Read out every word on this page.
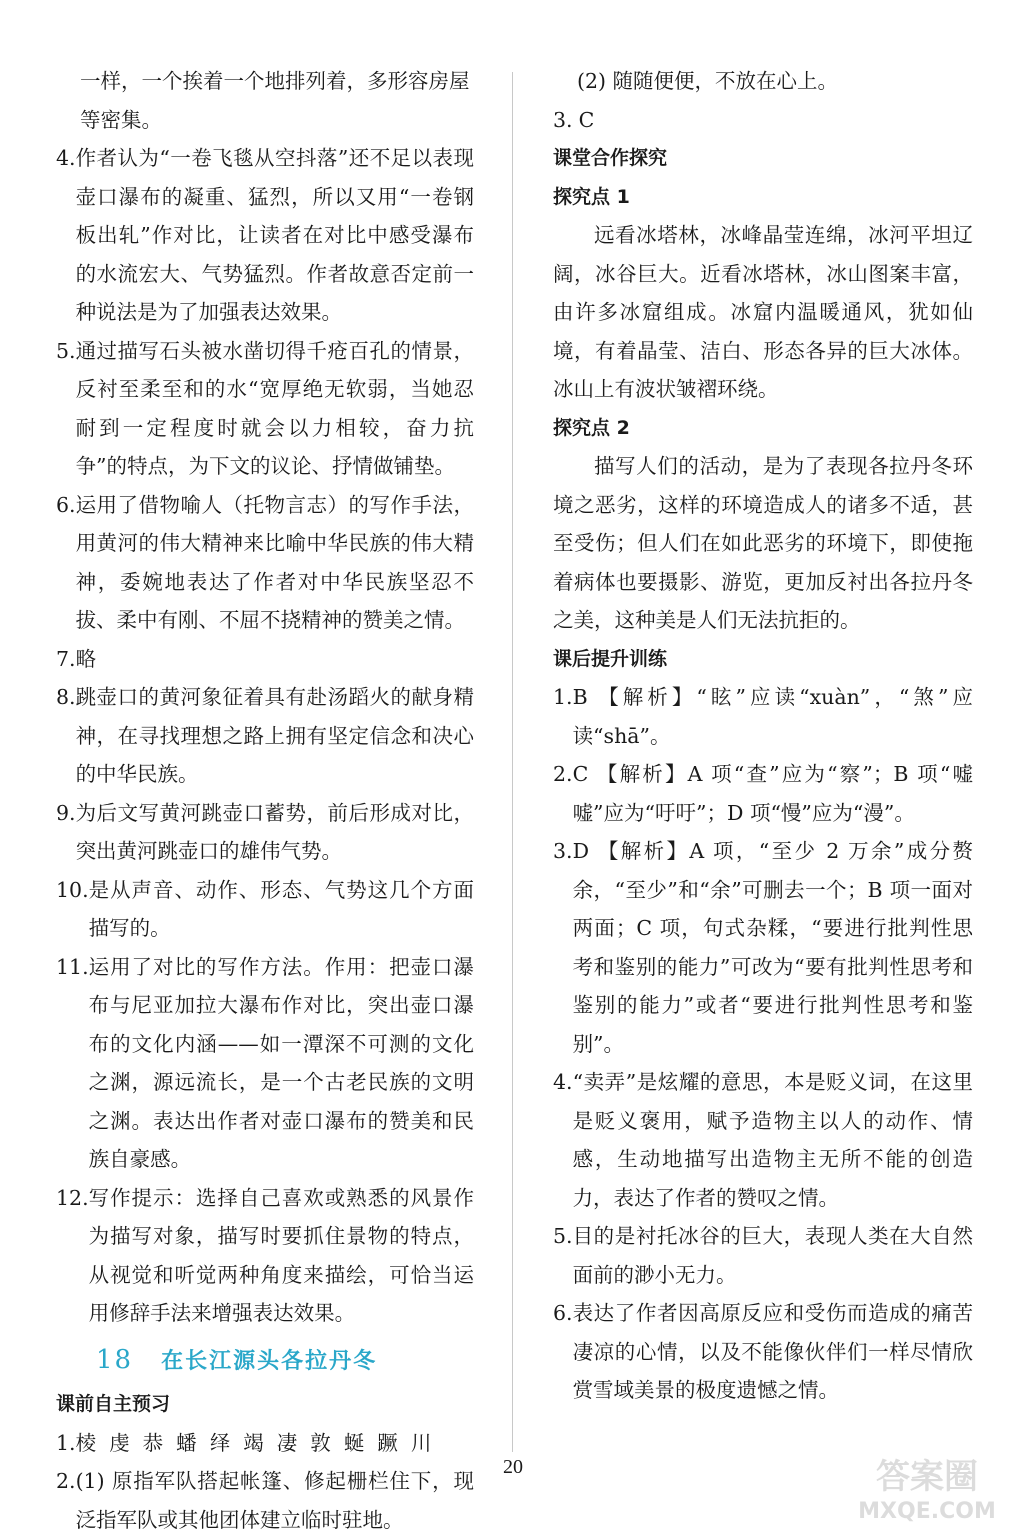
一样，一个挨着一个地排列着，多形容房屋
等密集。
4. 作者认为“一卷飞毯从空抖落”还不足以表现壶口瀑布的凝重、猛烈，所以又用“一卷钢板出轧”作对比，让读者在对比中感受瀑布的水流宏大、气势猛烈。作者故意否定前一种说法是为了加强表达效果。
5. 通过描写石头被水凿切得千疮百孔的情景，反衬至柔至和的水“宽厚绝无软弱，当她忍耐到一定程度时就会以力相较，奋力抗争”的特点，为下文的议论、抒情做铺垫。
6. 运用了借物喻人（托物言志）的写作手法，用黄河的伟大精神来比喻中华民族的伟大精神，委婉地表达了作者对中华民族坚忍不拔、柔中有刚、不屈不挠精神的赞美之情。
7. 略
8. 跳壶口的黄河象征着具有赴汤蹈火的献身精神，在寻找理想之路上拥有坚定信念和决心的中华民族。
9. 为后文写黄河跳壶口蓄势，前后形成对比，突出黄河跳壶口的雄伟气势。
10. 是从声音、动作、形态、气势这几个方面描写的。
11. 运用了对比的写作方法。作用：把壶口瀑布与尼亚加拉大瀑布作对比，突出壶口瀑布的文化内涵——如一潭深不可测的文化之渊，源远流长，是一个古老民族的文明之渊。表达出作者对壶口瀑布的赞美和民族自豪感。
12. 写作提示：选择自己喜欢或熟悉的风景作为描写对象，描写时要抓住景物的特点，从视觉和听觉两种角度来描绘，可恰当运用修辞手法来增强表达效果。
18 在长江源头各拉丹冬
课前自主预习
1. 棱  虔  恭  蟠  绎  竭  凄  敦  蜒  蹶  川
2. (1) 原指军队搭起帐篷、修起栅栏住下，现泛指军队或其他团体建立临时驻地。
(2) 随随便便，不放在心上。
3. C
课堂合作探究
探究点 1
远看冰塔林，冰峰晶莹连绵，冰河平坦辽阔，冰谷巨大。近看冰塔林，冰山图案丰富，由许多冰窟组成。冰窟内温暖通风，犹如仙境，有着晶莹、洁白、形态各异的巨大冰体。冰山上有波状皱褶环绕。
探究点 2
描写人们的活动，是为了表现各拉丹冬环境之恶劣，这样的环境造成人的诸多不适，甚至受伤；但人们在如此恶劣的环境下，即使拖着病体也要摄影、游览，更加反衬出各拉丹冬之美，这种美是人们无法抗拒的。
课后提升训练
1. B 【解析】“眩”应读“xuàn”，“煞”应读“shā”。
2. C 【解析】A 项“查”应为“察”；B 项“嘘嘘”应为“吁吁”；D 项“慢”应为“漫”。
3. D 【解析】A 项，“至少 2 万余”成分赘余，“至少”和“余”可删去一个；B 项一面对两面；C 项，句式杂糅，“要进行批判性思考和鉴别的能力”可改为“要有批判性思考和鉴别的能力”或者“要进行批判性思考和鉴别”。
4. “卖弄”是炫耀的意思，本是贬义词，在这里是贬义褒用，赋予造物主以人的动作、情感，生动地描写出造物主无所不能的创造力，表达了作者的赞叹之情。
5. 目的是衬托冰谷的巨大，表现人类在大自然面前的渺小无力。
6. 表达了作者因高原反应和受伤而造成的痛苦凄凉的心情，以及不能像伙伴们一样尽情欣赏雪域美景的极度遗憾之情。
20	答案圈
MXQE.COM
